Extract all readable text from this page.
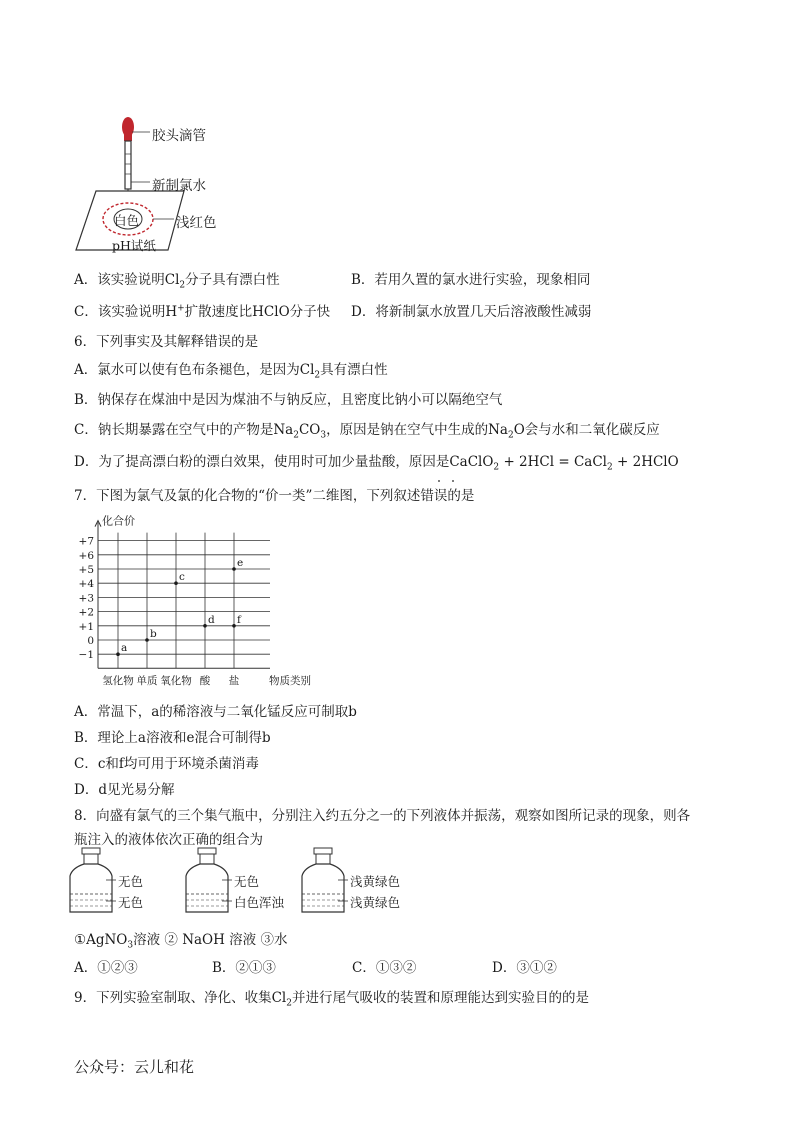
胶头滴管
新制氯水
白色	浅红色
pH试纸
A．该实验说明$Cl_2$分子具有漂白性	B．若用久置的氯水进行实验，现象相同
C．该实验说明H+扩散速度比HClO分子快 D．将新制氯水放置几天后溶液酸性减弱
6．下列事实及其解释错误的是
A．氯水可以使有色布条褪色，是因为$Cl_2$具有漂白性
B．钠保存在煤油中是因为煤油不与钠反应，且密度比钠小可以隔绝空气
C．钠长期暴露在空气中的产物是$Na_2CO_3$，原因是钠在空气中生成的$Na_2O$会与水和二氧化碳反应
D．为了提高漂白粉的漂白效果，使用时可加少量盐酸，原因是CaClO$_2$ + 2HCl = CaCl$_2$ + 2HClO
7．下图为氯气及氯的化合物的“价一类”二维图，下列叙述错误的是
+7
+6
+5
+4
+3
+2
+1
0
−1
氢化物 单质 氧化物 酸 盐
化合价
物质类别
a
b
c
d
e
f
A．常温下，a的稀溶液与二氧化锰反应可制取b
B．理论上a溶液和e混合可制得b
C．c和f均可用于环境杀菌消毒
D．d见光易分解
8．向盛有氯气的三个集气瓶中，分别注入约五分之一的下列液体并振荡，观察如图所记录的现象，则各
瓶注入的液体依次正确的组合为
无色
无色
无色
白色浑浊
浅黄绿色
浅黄绿色
①AgNO$_3$溶液 ② NaOH 溶液 ③水
A．①②③	B．②①③	C．①③②	D．③①②
9．下列实验室制取、净化、收集$Cl_2$并进行尾气吸收的装置和原理能达到实验目的的是
公众号：云儿和花
